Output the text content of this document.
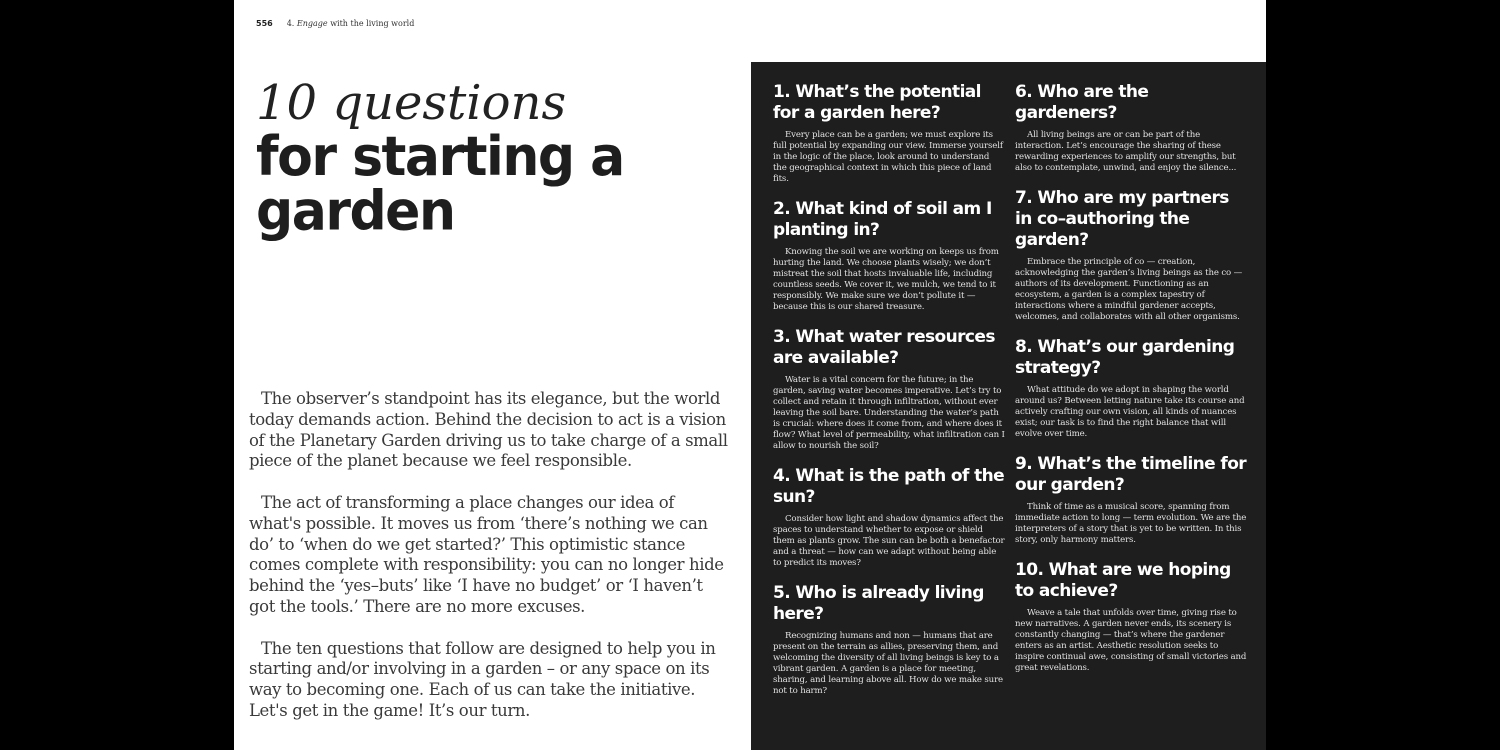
556 4. Engage with the living world
10 questions
for starting a
garden

The observer’s standpoint has its elegance, but the world today demands action. Behind the decision to act is a vision of the Planetary Garden driving us to take charge of a small piece of the planet because we feel responsible.

The act of transforming a place changes our idea of what's possible. It moves us from ‘there’s nothing we can do’ to ‘when do we get started?’ This optimistic stance comes complete with responsibility: you can no longer hide behind the ‘yes–buts’ like ‘I have no budget’ or ‘I haven’t got the tools.’ There are no more excuses.

The ten questions that follow are designed to help you in starting and/or involving in a garden – or any space on its way to becoming one. Each of us can take the initiative. Let's get in the game! It’s our turn.

1. What’s the potential for a garden here?

Every place can be a garden; we must explore its full potential by expanding our view. Immerse yourself in the logic of the place, look around to understand the geographical context in which this piece of land fits.

2. What kind of soil am I planting in?

Knowing the soil we are working on keeps us from hurting the land. We choose plants wisely; we don’t mistreat the soil that hosts invaluable life, including countless seeds. We cover it, we mulch, we tend to it responsibly. We make sure we don’t pollute it — because this is our shared treasure.

3. What water resources are available?

Water is a vital concern for the future; in the garden, saving water becomes imperative. Let’s try to collect and retain it through infiltration, without ever leaving the soil bare. Understanding the water’s path is crucial: where does it come from, and where does it flow? What level of permeability, what infiltration can I allow to nourish the soil?

4. What is the path of the sun?

Consider how light and shadow dynamics affect the spaces to understand whether to expose or shield them as plants grow. The sun can be both a benefactor and a threat — how can we adapt without being able to predict its moves?

5. Who is already living here?

Recognizing humans and non — humans that are present on the terrain as allies, preserving them, and welcoming the diversity of all living beings is key to a vibrant garden. A garden is a place for meeting, sharing, and learning above all. How do we make sure not to harm?

6. Who are the gardeners?

All living beings are or can be part of the interaction. Let’s encourage the sharing of these rewarding experiences to amplify our strengths, but also to contemplate, unwind, and enjoy the silence...

7. Who are my partners in co–authoring the garden?

Embrace the principle of co — creation, acknowledging the garden’s living beings as the co — authors of its development. Functioning as an ecosystem, a garden is a complex tapestry of interactions where a mindful gardener accepts, welcomes, and collaborates with all other organisms.

8. What’s our gardening strategy?

What attitude do we adopt in shaping the world around us? Between letting nature take its course and actively crafting our own vision, all kinds of nuances exist; our task is to find the right balance that will evolve over time.

9. What’s the timeline for our garden?

Think of time as a musical score, spanning from immediate action to long — term evolution. We are the interpreters of a story that is yet to be written. In this story, only harmony matters.

10. What are we hoping to achieve?

Weave a tale that unfolds over time, giving rise to new narratives. A garden never ends, its scenery is constantly changing — that’s where the gardener enters as an artist. Aesthetic resolution seeks to inspire continual awe, consisting of small victories and great revelations.
